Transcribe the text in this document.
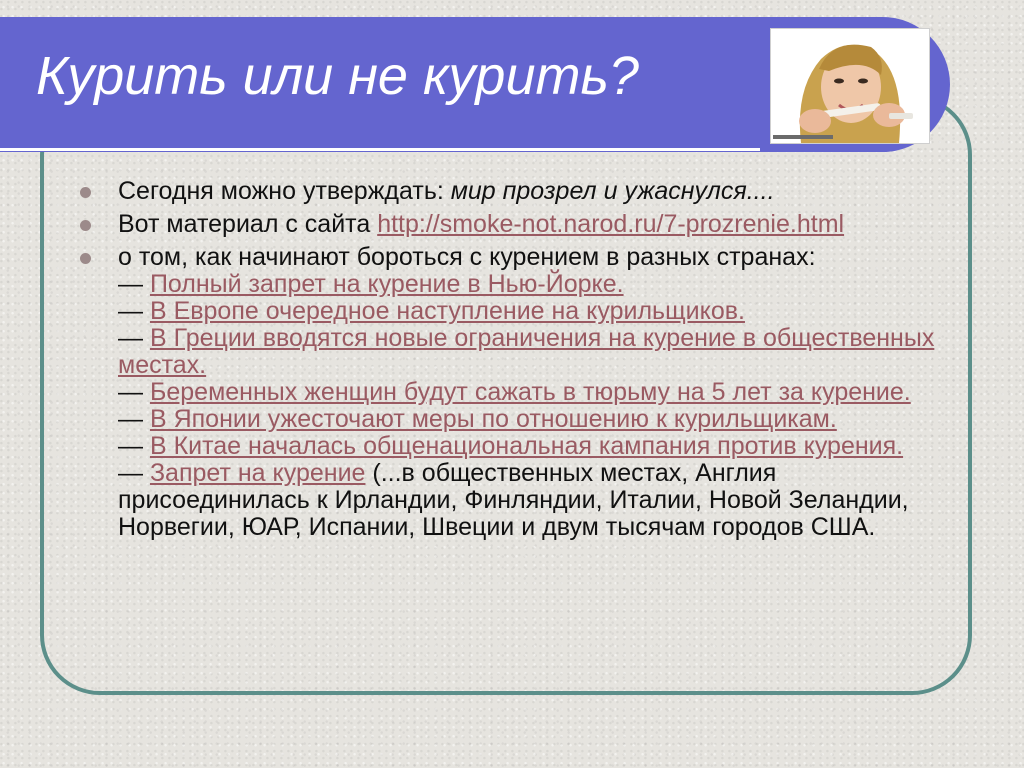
Курить или не курить?
Сегодня можно утверждать: мир прозрел и ужаснулся....
Вот материал с сайта http://smoke-not.narod.ru/7-prozrenie.html
о том, как начинают бороться с курением в разных странах:
— Полный запрет на курение в Нью-Йорке.
— В Европе очередное наступление на курильщиков.
— В Греции вводятся новые ограничения на курение в общественных местах.
— Беременных женщин будут сажать в тюрьму на 5 лет за курение.
— В Японии ужесточают меры по отношению к курильщикам.
— В Китае началась общенациональная кампания против курения.
— Запрет на курение (...в общественных местах, Англия присоединилась к Ирландии, Финляндии, Италии, Новой Зеландии, Норвегии, ЮАР, Испании, Швеции и двум тысячам городов США.
